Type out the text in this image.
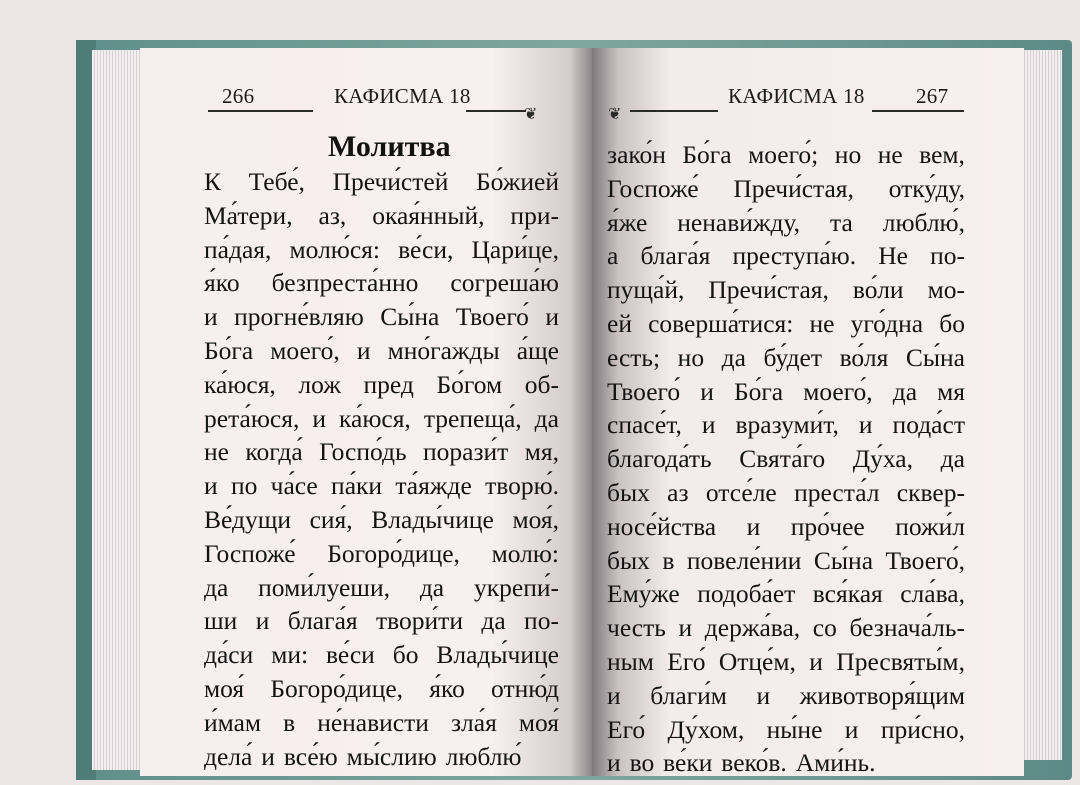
266	КАФИСМА 18
❦
Молитва
К Тебе́, Пречи́стей Бо́жией
Ма́тери, аз, окая́нный, при-
па́дая, молю́ся: ве́си, Цари́це,
я́ко безпреста́нно согреша́ю
и прогне́вляю Сы́на Твоего́ и
Бо́га моего́, и мно́гажды а́ще
ка́юся, лож пред Бо́гом об-
рета́юся, и ка́юся, трепеща́, да
не когда́ Госпо́дь порази́т мя,
и по ча́се па́ки та́яжде творю́.
Ве́дущи сия́, Влады́чице моя́,
Госпоже́ Богоро́дице, молю́:
да поми́луеши, да укрепи́-
ши и блага́я твори́ти да по-
да́си ми: ве́си бо Влады́чице
моя́ Богоро́дице, я́ко отню́д
и́мам в не́нависти зла́я моя́
дела́ и все́ю мы́слию люблю́
КАФИСМА 18 267
❦
зако́н Бо́га моего́; но не вем,
Госпоже́ Пречи́стая, отку́ду,
я́же ненави́жду, та люблю́,
а блага́я преступа́ю. Не по-
пуща́й, Пречи́стая, во́ли мо-
ей соверша́тися: не уго́дна бо
есть; но да бу́дет во́ля Сы́на
Твоего́ и Бо́га моего́, да мя
спасе́т, и вразуми́т, и пода́ст
благода́ть Свята́го Ду́ха, да
бых аз отсе́ле преста́л сквер-
носе́йства и про́чее пожи́л
бых в повеле́нии Сы́на Твоего́,
Ему́же подоба́ет вся́кая сла́ва,
честь и держа́ва, со безнача́ль-
ным Его́ Отце́м, и Пресвяты́м,
и благи́м и животворя́щим
Его́ Ду́хом, ны́не и при́сно,
и во ве́ки веко́в. Ами́нь.
